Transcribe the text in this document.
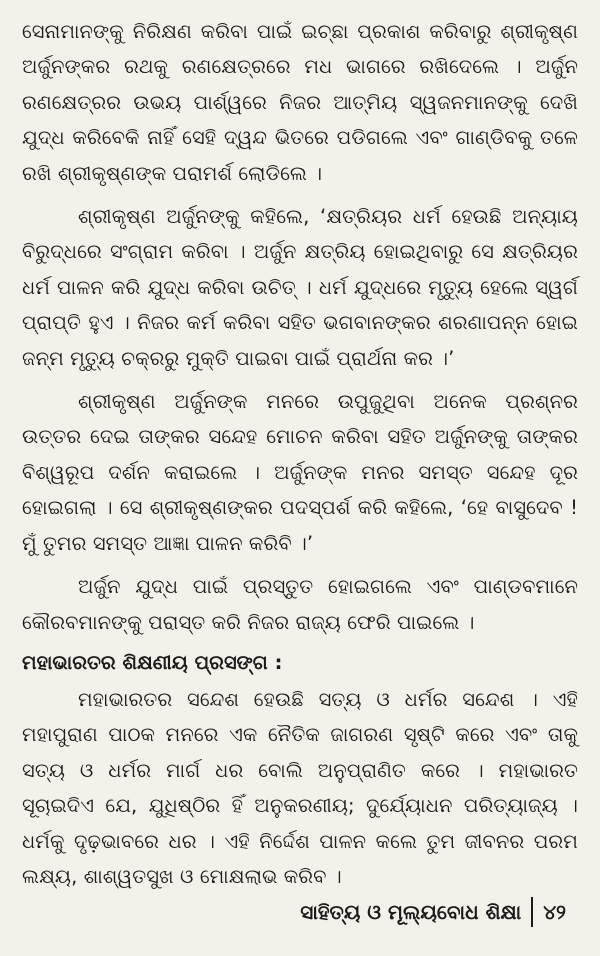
ସେନାମାନଙ୍କୁ ନିରିକ୍ଷଣ କରିବା ପାଇଁ ଇଚ୍ଛା ପ୍ରକାଶ କରିବାରୁ ଶ୍ରୀକୃଷ୍ଣ ଅର୍ଜୁନଙ୍କର ରଥକୁ ରଣକ୍ଷେତ୍ରରେ ମଧ ଭାଗରେ ରଖିଦେଲେ । ଅର୍ଜୁନ ରଣକ୍ଷେତ୍ରର ଉଭୟ ପାର୍ଶ୍ୱରେ ନିଜର ଆତ୍ମିୟ ସ୍ୱଜନମାନଙ୍କୁ ଦେଖି ଯୁଦ୍ଧ କରିବେକି ନାହିଁ ସେହି ଦ୍ୱନ୍ଦ ଭିତରେ ପଡିଗଲେ ଏବଂ ଗାଣ୍ଡିବକୁ ତଳେ ରଖି ଶ୍ରୀକୃଷ୍ଣଙ୍କ ପରାମର୍ଶ ଲୋଡିଲେ ।

ଶ୍ରୀକୃଷ୍ଣ ଅର୍ଜୁନଙ୍କୁ କହିଲେ, ‘କ୍ଷତ୍ରିୟର ଧର୍ମ ହେଉଛି ଅନ୍ୟାୟ ବିରୁଦ୍ଧରେ ସଂଗ୍ରାମ କରିବା । ଅର୍ଜୁନ କ୍ଷତ୍ରିୟ ହୋଇଥିବାରୁ ସେ କ୍ଷତ୍ରିୟର ଧର୍ମ ପାଳନ କରି ଯୁଦ୍ଧ କରିବା ଉଚିତ୍ । ଧର୍ମ ଯୁଦ୍ଧରେ ମୃତ୍ୟୁ ହେଲେ ସ୍ୱର୍ଗ ପ୍ରାପ୍ତି ହୁଏ । ନିଜର କର୍ମ କରିବା ସହିତ ଭଗବାନଙ୍କର ଶରଣାପନ୍ନ ହୋଇ ଜନ୍ମ ମୃତ୍ୟୁ ଚକ୍ରରୁ ମୁକ୍ତି ପାଇବା ପାଇଁ ପ୍ରାର୍ଥନା କର ।’

ଶ୍ରୀକୃଷ୍ଣ ଅର୍ଜୁନଙ୍କ ମନରେ ଉପୁଜୁଥିବା ଅନେକ ପ୍ରଶ୍ନର ଉତ୍ତର ଦେଇ ତାଙ୍କର ସନ୍ଦେହ ମୋଚନ କରିବା ସହିତ ଅର୍ଜୁନଙ୍କୁ ତାଙ୍କର ବିଶ୍ୱରୂପ ଦର୍ଶନ କରାଇଲେ । ଅର୍ଜୁନଙ୍କ ମନର ସମସ୍ତ ସନ୍ଦେହ ଦୂର ହୋଇଗଲା । ସେ ଶ୍ରୀକୃଷ୍ଣଙ୍କର ପଦସ୍ପର୍ଶ କରି କହିଲେ, ‘ହେ ବାସୁଦେବ ! ମୁଁ ତୁମର ସମସ୍ତ ଆଜ୍ଞା ପାଳନ କରିବି ।’

ଅର୍ଜୁନ ଯୁଦ୍ଧ ପାଇଁ ପ୍ରସ୍ତୁତ ହୋଇଗଲେ ଏବଂ ପାଣ୍ଡବମାନେ କୌରବମାନଙ୍କୁ ପରାସ୍ତ କରି ନିଜର ରାଜ୍ୟ ଫେରି ପାଇଲେ ।

ମହାଭାରତର ଶିକ୍ଷଣୀୟ ପ୍ରସଙ୍ଗ :

ମହାଭାରତର ସନ୍ଦେଶ ହେଉଛି ସତ୍ୟ ଓ ଧର୍ମର ସନ୍ଦେଶ । ଏହି ମହାପୁରାଣ ପାଠକ ମନରେ ଏକ ନୈତିକ ଜାଗରଣ ସୃଷ୍ଟି କରେ ଏବଂ ତାକୁ ସତ୍ୟ ଓ ଧର୍ମର ମାର୍ଗ ଧର ବୋଲି ଅନୁପ୍ରାଣିତ କରେ । ମହାଭାରତ ସୂଚାଇଦିଏ ଯେ, ଯୁଧିଷ୍ଠିର ହିଁ ଅନୁକରଣୀୟ; ଦୁର୍ଯ୍ୟୋଧନ ପରିତ୍ୟାଜ୍ୟ । ଧର୍ମକୁ ଦୃଢ଼ଭାବରେ ଧର । ଏହି ନିର୍ଦ୍ଦେଶ ପାଳନ କଲେ ତୁମ ଜୀବନର ପରମ ଲକ୍ଷ୍ୟ, ଶାଶ୍ୱତସୁଖ ଓ ମୋକ୍ଷଲାଭ କରିବ ।

ସାହିତ୍ୟ ଓ ମୂଲ୍ୟବୋଧ ଶିକ୍ଷା ୪୨
